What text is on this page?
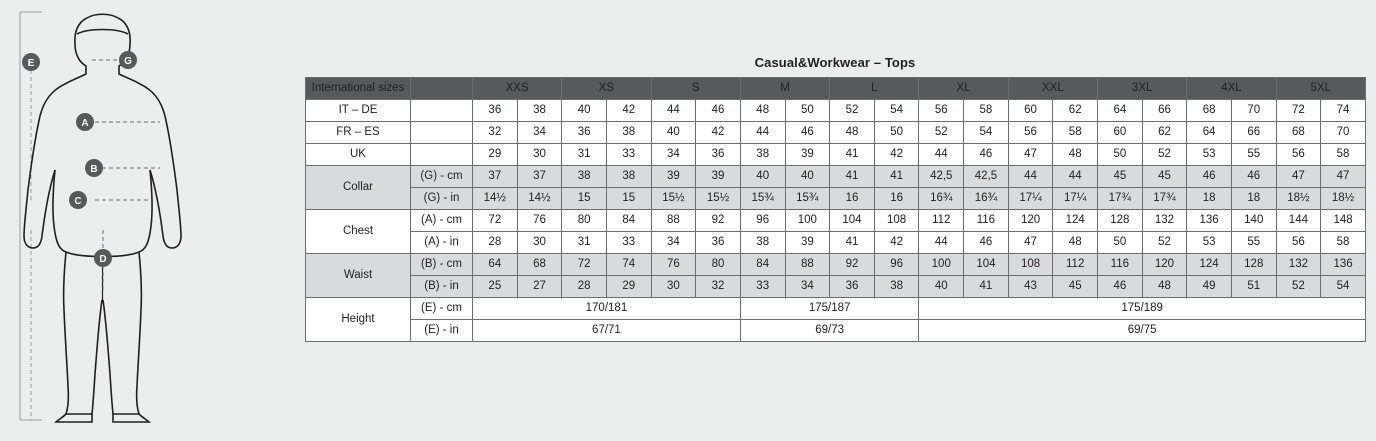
E	G
A
B
C
D
Casual&Workwear – Tops
International sizes		XXS		XS		S		M		L		XL		XXL		3XL		4XL		5XL	
IT – DE		36	38	40	42	44	46	48	50	52	54	56	58	60	62	64	66	68	70	72	74
FR – ES		32	34	36	38	40	42	44	46	48	50	52	54	56	58	60	62	64	66	68	70
UK		29	30	31	33	34	36	38	39	41	42	44	46	47	48	50	52	53	55	56	58
Collar	(G) - cm	37	37	38	38	39	39	40	40	41	41	42,5	42,5	44	44	45	45	46	46	47	47
	(G) - in	14½	14½	15	15	15½	15½	15¾	15¾	16	16	16¾	16¾	17¼	17¼	17¾	17¾	18	18	18½	18½
Chest	(A) - cm	72	76	80	84	88	92	96	100	104	108	112	116	120	124	128	132	136	140	144	148
	(A) - in	28	30	31	33	34	36	38	39	41	42	44	46	47	48	50	52	53	55	56	58
Waist	(B) - cm	64	68	72	74	76	80	84	88	92	96	100	104	108	112	116	120	124	128	132	136
	(B) - in	25	27	28	29	30	32	33	34	36	38	40	41	43	45	46	48	49	51	52	54
Height	(E) - cm	170/181						175/187				175/189									
	(E) - in	67/71						69/73				69/75									
